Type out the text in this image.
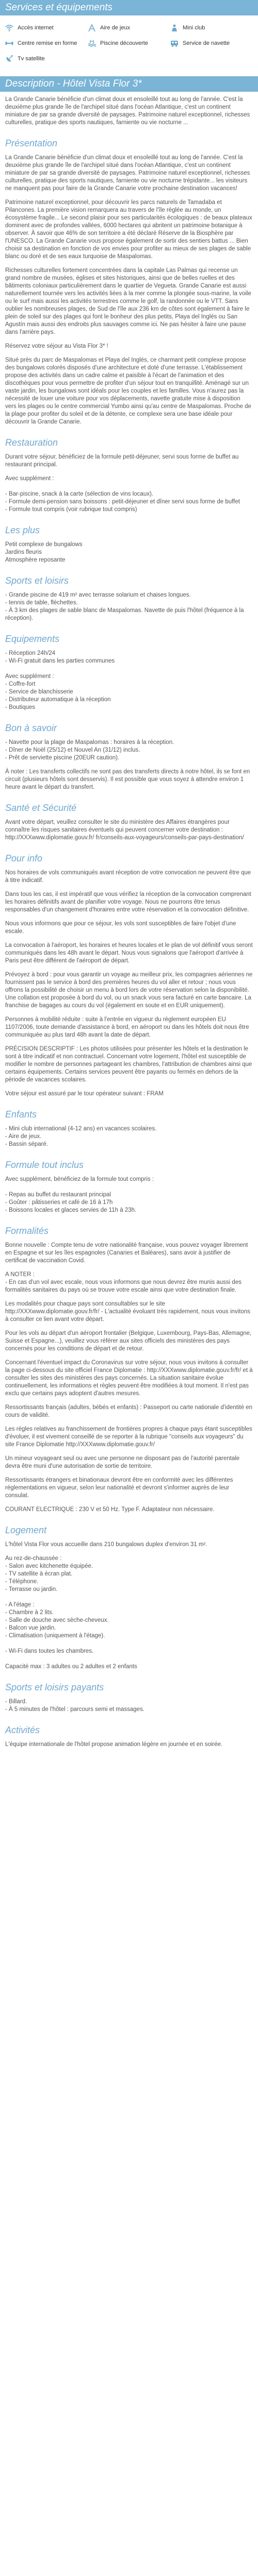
Services et équipements
Accès internet	Aire de jeux	Mini club
Centre remise en forme	Piscine découverte	Service de navette
Tv satellite
Description - Hôtel Vista Flor 3*

La Grande Canarie bénéficie d'un climat doux et ensoleillé tout au long de l'année. C'est la deuxième plus grande île de l'archipel situé dans l'océan Atlantique, c'est un continent miniature de par sa grande diversité de paysages. Patrimoine naturel exceptionnel, richesses culturelles, pratique des sports nautiques, farniente ou vie nocturne ...

Présentation

La Grande Canarie bénéficie d'un climat doux et ensoleillé tout au long de l'année. C'est la deuxième plus grande île de l'archipel situé dans l'océan Atlantique, c'est un continent miniature de par sa grande diversité de paysages. Patrimoine naturel exceptionnel, richesses culturelles, pratique des sports nautiques, farniente ou vie nocturne trépidante... les visiteurs ne manquent pas pour faire de la Grande Canarie votre prochaine destination vacances!

Patrimoine naturel exceptionnel, pour découvrir les parcs naturels de Tamadaba et Pilancones. La première vision remarquera au travers de l'île réglée au monde, un écosystème fragile... Le second plaisir pour ses particularités écologiques : de beaux plateaux dominent avec de profondes vallées, 6000 hectares qui abritent un patrimoine botanique à observer. À savoir que 46% de son territoire a été déclaré Réserve de la Biosphère par l'UNESCO. La Grande Canarie vous propose également de sortir des sentiers battus ... Bien choisir sa destination en fonction de vos envies pour profiter au mieux de ses plages de sable blanc ou doré et de ses eaux turquoise de Maspalomas.

Richesses culturelles fortement concentrées dans la capitale Las Palmas qui recense un grand nombre de musées, églises et sites historiques, ainsi que de belles ruelles et des bâtiments coloniaux particulièrement dans le quartier de Vegueta. Grande Canarie est aussi naturellement tournée vers les activités liées à la mer comme la plongée sous-marine, la voile ou le surf mais aussi les activités terrestres comme le golf, la randonnée ou le VTT. Sans oublier les nombreuses plages, de Sud de l'île aux 236 km de côtes sont également à faire le plein de soleil sur des plages qui font le bonheur des plus petits, Playa del Inglés ou San Agustín mais aussi des endroits plus sauvages comme ici. Ne pas hésiter à faire une pause dans l'arrière pays.

Réservez votre séjour au Vista Flor 3* !

Situé près du parc de Maspalomas et Playa del Inglés, ce charmant petit complexe propose des bungalows colorés disposés d'une architecture et doté d'une terrasse. L'établissement propose des activités dans un cadre calme et paisible à l'écart de l'animation et des discothèques pour vous permettre de profiter d'un séjour tout en tranquillité. Aménagé sur un vaste jardin, les bungalows sont idéals pour les couples et les familles. Vous n'aurez pas la nécessité de louer une voiture pour vos déplacements, navette gratuite mise à disposition vers les plages ou le centre commercial Yumbo ainsi qu'au centre de Maspalomas. Proche de la plage pour profiter du soleil et de la détente, ce complexe sera une base idéale pour découvrir la Grande Canarie.

Restauration

Durant votre séjour, bénéficiez de la formule petit-déjeuner, servi sous forme de buffet au restaurant principal.

Avec supplément :
- Bar-piscine, snack à la carte (sélection de vins locaux).
- Formule demi-pension sans boissons : petit-déjeuner et dîner servi sous forme de buffet
- Formule tout compris (voir rubrique tout compris)
Les plus
Petit complexe de bungalows
Jardins fleuris
Atmosphère reposante
Sports et loisirs
- Grande piscine de 419 m² avec terrasse solarium et chaises longues.
- tennis de table, fléchettes.
- À 3 km des plages de sable blanc de Maspalomas. Navette de puis l'hôtel (fréquence à la réception).
Equipements
- Réception 24h/24
- Wi-Fi gratuit dans les parties communes
Avec supplément :
- Coffre-fort
- Service de blanchisserie
- Distributeur automatique à la réception
- Boutiques
Bon à savoir
- Navette pour la plage de Maspalomas : horaires à la réception.
- Dîner de Noël (25/12) et Nouvel An (31/12) inclus.
- Prêt de serviette piscine (20EUR caution).

À noter : Les transferts collectifs ne sont pas des transferts directs à notre hôtel, ils se font en circuit (plusieurs hôtels sont desservis). Il est possible que vous soyez à attendre environ 1 heure avant le départ du transfert.

Santé et Sécurité

Avant votre départ, veuillez consulter le site du ministère des Affaires étrangères pour connaître les risques sanitaires éventuels qui peuvent concerner votre destination : http://XXXwww.diplomatie.gouv.fr/ fr/conseils-aux-voyageurs/conseils-par-pays-destination/

Pour info

Nos horaires de vols communiqués avant réception de votre convocation ne peuvent être que à titre indicatif.

Dans tous les cas, il est impératif que vous vérifiez la réception de la convocation comprenant les horaires définitifs avant de planifier votre voyage. Nous ne pourrons être tenus responsables d'un changement d'horaires entre votre réservation et la convocation définitive.

Nous vous informons que pour ce séjour, les vols sont susceptibles de faire l'objet d'une escale.

La convocation à l'aéroport, les horaires et heures locales et le plan de vol définitif vous seront communiqués dans les 48h avant le départ. Nous vous signalons que l'aéroport d'arrivée à Paris peut être différent de l'aéroport de départ.

Prévoyez à bord : pour vous garantir un voyage au meilleur prix, les compagnies aériennes ne fournissent pas le service à bord des premières heures du vol aller et retour ; nous vous offrons la possibilité de choisir un menu à bord lors de votre réservation selon la disponibilité. Une collation est proposée à bord du vol, ou un snack vous sera facturé en carte bancaire. La franchise de bagages au cours du vol (également en soute et en EUR uniquement).

Personnes à mobilité réduite : suite à l'entrée en vigueur du règlement européen EU 1107/2006, toute demande d'assistance à bord, en aéroport ou dans les hôtels doit nous être communiquée au plus tard 48h avant la date de départ.

PRÉCISION DESCRIPTIF : Les photos utilisées pour présenter les hôtels et la destination le sont à titre indicatif et non contractuel. Concernant votre logement, l'hôtel est susceptible de modifier le nombre de personnes partageant les chambres, l'attribution de chambres ainsi que certains équipements. Certains services peuvent être payants ou fermés en dehors de la période de vacances scolaires.

Votre séjour est assuré par le tour opérateur suivant : FRAM

Enfants
- Mini club international (4-12 ans) en vacances scolaires.
- Aire de jeux.
- Bassin séparé.
Formule tout inclus
Avec supplément, bénéficiez de la formule tout compris :
- Repas au buffet du restaurant principal
- Goûter : pâtisseries et café de 16 à 17h
- Boissons locales et glaces servies de 11h à 23h.
Formalités

Bonne nouvelle : Compte tenu de votre nationalité française, vous pouvez voyager librement en Espagne et sur les îles espagnoles (Canaries et Baléares), sans avoir à justifier de certificat de vaccination Covid.

A NOTER :
- En cas d'un vol avec escale, nous vous informons que nous devrez être munis aussi des formalités sanitaires du pays où se trouve votre escale ainsi que votre destination finale.

Les modalités pour chaque pays sont consultables sur le site http://XXXwww.diplomatie.gouv.fr/fr/ - L'actualité évoluant très rapidement, nous vous invitons à consulter ce lien avant votre départ.

Pour les vols au départ d'un aéroport frontalier (Belgique, Luxembourg, Pays-Bas, Allemagne, Suisse et Espagne...), veuillez vous référer aux sites officiels des ministères des pays concernés pour les conditions de départ et de retour.

Concernant l'éventuel impact du Coronavirus sur votre séjour, nous vous invitons à consulter la page ci-dessous du site officiel France Diplomatie : http://XXXwww.diplomatie.gouv.fr/fr/ et à consulter les sites des ministères des pays concernés. La situation sanitaire évolue continuellement, les informations et règles peuvent être modifiées à tout moment. Il n'est pas exclu que certains pays adoptent d'autres mesures.

Ressortissants français (adultes, bébés et enfants) : Passeport ou carte nationale d'identité en cours de validité.

Les règles relatives au franchissement de frontières propres à chaque pays étant susceptibles d'évoluer, il est vivement conseillé de se reporter à la rubrique "conseils aux voyageurs" du site France Diplomatie http://XXXwww.diplomatie.gouv.fr/

Un mineur voyageant seul ou avec une personne ne disposant pas de l'autorité parentale devra être muni d'une autorisation de sortie de territoire.

Ressortissants étrangers et binationaux devront être en conformité avec les différentes réglementations en vigueur, selon leur nationalité et devront s'informer auprès de leur consulat.

COURANT ELECTRIQUE : 230 V et 50 Hz. Type F. Adaptateur non nécessaire.

Logement

L'hôtel Vista Flor vous accueille dans 210 bungalows duplex d'environ 31 m².

Au rez-de-chaussée :
- Salon avec kitchenette équipée.
- TV satellite à écran plat.
- Téléphone.
- Terrasse ou jardin.
- A l'étage :
- Chambre à 2 lits.
- Salle de douche avec sèche-cheveux.
- Balcon vue jardin.
- Climatisation (uniquement à l'étage).
- Wi-Fi dans toutes les chambres.
Capacité max : 3 adultes ou 2 adultes et 2 enfants
Sports et loisirs payants
- Billard.
- À 5 minutes de l'hôtel : parcours semi et massages.
Activités

L'équipe internationale de l'hôtel propose animation légère en journée et en soirée.
